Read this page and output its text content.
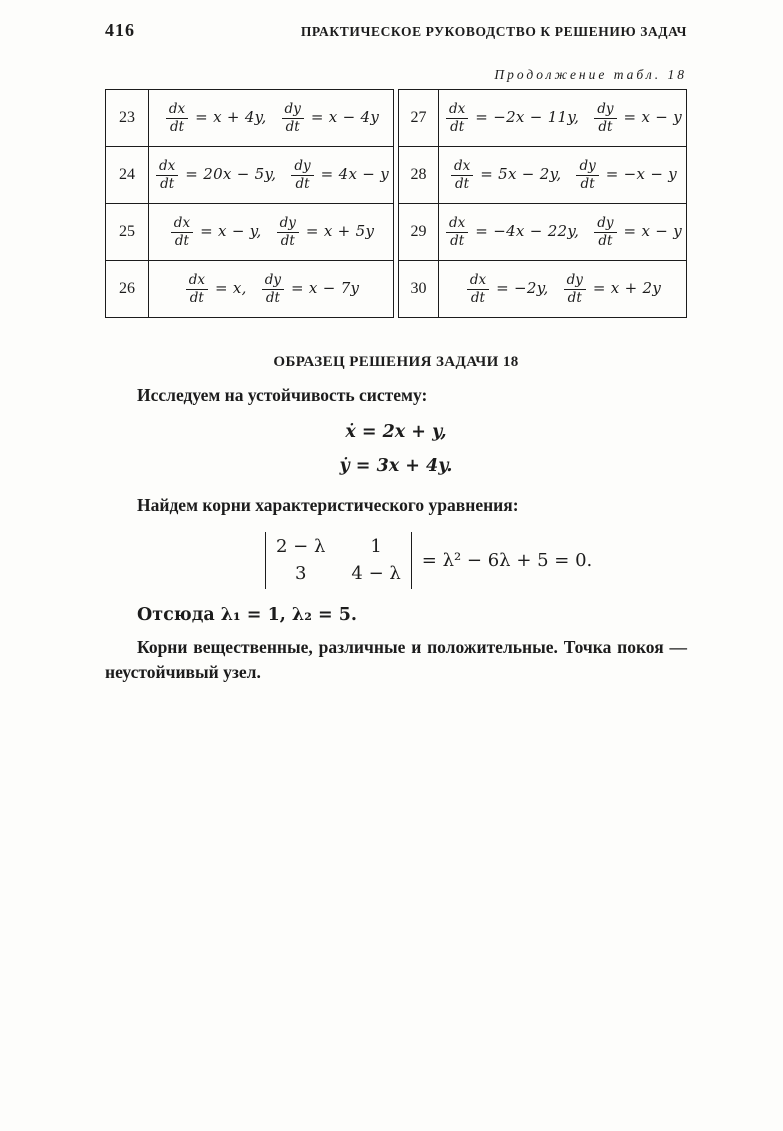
416	ПРАКТИЧЕСКОЕ РУКОВОДСТВО К РЕШЕНИЮ ЗАДАЧ
Продолжение табл. 18
23	$\frac{dx}{dt} = x + 4y$, $\frac{dy}{dt} = x - 4y$
24	$\frac{dx}{dt} = 20x - 5y$, $\frac{dy}{dt} = 4x - y$
25	$\frac{dx}{dt} = x - y$, $\frac{dy}{dt} = x + 5y$
26	$\frac{dx}{dt} = x$, $\frac{dy}{dt} = x - 7y$
27	$\frac{dx}{dt} = -2x - 11y$, $\frac{dy}{dt} = x - y$
28	$\frac{dx}{dt} = 5x - 2y$, $\frac{dy}{dt} = -x - y$
29	$\frac{dx}{dt} = -4x - 22y$, $\frac{dy}{dt} = x - y$
30	$\frac{dx}{dt} = -2y$, $\frac{dy}{dt} = x + 2y$
ОБРАЗЕЦ РЕШЕНИЯ ЗАДАЧИ 18

Исследуем на устойчивость систему:

ẋ = 2x + y,
ẏ = 3x + 4y.

Найдем корни характеристического уравнения:

2 − λ	1
3	4 − λ
= λ² − 6λ + 5 = 0.

Отсюда λ₁ = 1, λ₂ = 5.

Корни вещественные, различные и положительные. Точка покоя — неустойчивый узел.
